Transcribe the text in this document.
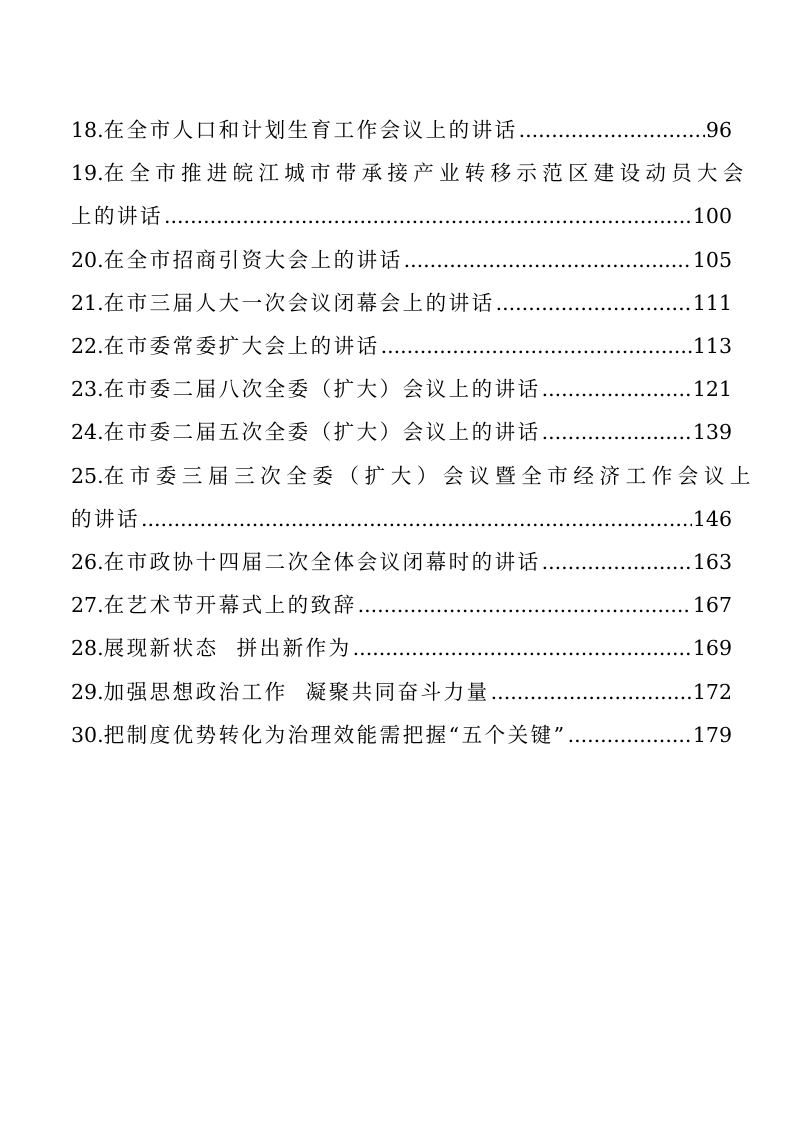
18. 在全市人口和计划生育工作会议上的讲话 .....	96
19.在全市推进皖江城市带承接产业转移示范区建设动员大会
上的讲话 .....	100
20. 在全市招商引资大会上的讲话 .....	105
21. 在市三届人大一次会议闭幕会上的讲话 .....	111
22. 在市委常委扩大会上的讲话 .....	113
23. 在市委二届八次全委（扩大）会议上的讲话 .....	121
24. 在市委二届五次全委（扩大）会议上的讲话 .....	139
25.在市委三届三次全委（扩大）会议暨全市经济工作会议上
的讲话 .....	146
26. 在市政协十四届二次全体会议闭幕时的讲话 .....	163
27. 在艺术节开幕式上的致辞 .....	167
28. 展现新状态  拼出新作为 .....	169
29. 加强思想政治工作  凝聚共同奋斗力量 .....	172
30. 把制度优势转化为治理效能需把握“五个关键” .....	179
